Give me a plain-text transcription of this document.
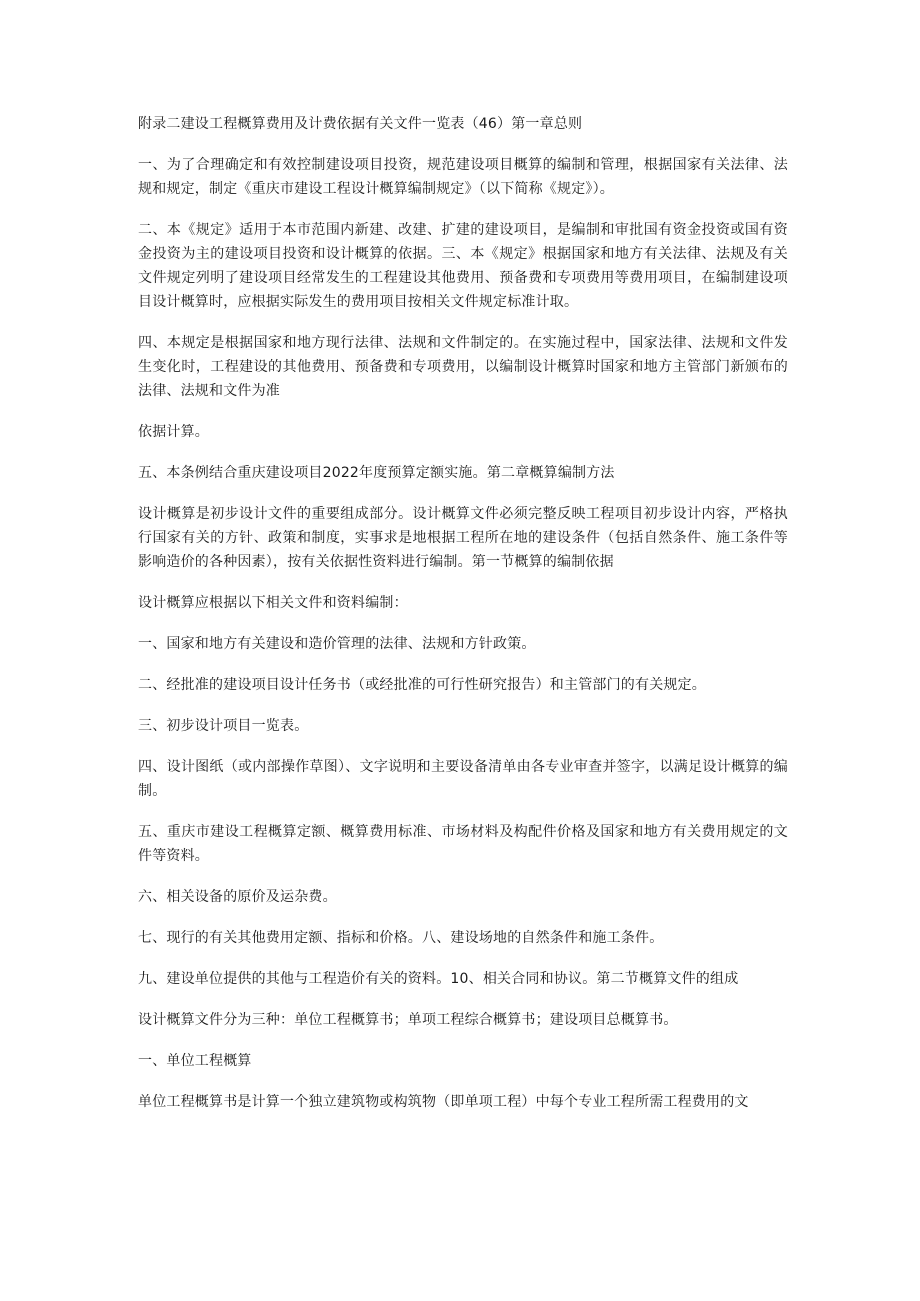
附录二建设工程概算费用及计费依据有关文件一览表（46）第一章总则

一、为了合理确定和有效控制建设项目投资，规范建设项目概算的编制和管理，根据国家有关法律、法规和规定，制定《重庆市建设工程设计概算编制规定》（以下简称《规定》）。

二、本《规定》适用于本市范围内新建、改建、扩建的建设项目，是编制和审批国有资金投资或国有资金投资为主的建设项目投资和设计概算的依据。三、本《规定》根据国家和地方有关法律、法规及有关文件规定列明了建设项目经常发生的工程建设其他费用、预备费和专项费用等费用项目，在编制建设项目设计概算时，应根据实际发生的费用项目按相关文件规定标准计取。

四、本规定是根据国家和地方现行法律、法规和文件制定的。在实施过程中，国家法律、法规和文件发生变化时，工程建设的其他费用、预备费和专项费用，以编制设计概算时国家和地方主管部门新颁布的法律、法规和文件为准

依据计算。

五、本条例结合重庆建设项目2022年度预算定额实施。第二章概算编制方法

设计概算是初步设计文件的重要组成部分。设计概算文件必须完整反映工程项目初步设计内容，严格执行国家有关的方针、政策和制度，实事求是地根据工程所在地的建设条件（包括自然条件、施工条件等影响造价的各种因素），按有关依据性资料进行编制。第一节概算的编制依据

设计概算应根据以下相关文件和资料编制：

一、国家和地方有关建设和造价管理的法律、法规和方针政策。

二、经批准的建设项目设计任务书（或经批准的可行性研究报告）和主管部门的有关规定。

三、初步设计项目一览表。

四、设计图纸（或内部操作草图）、文字说明和主要设备清单由各专业审查并签字，以满足设计概算的编制。

五、重庆市建设工程概算定额、概算费用标准、市场材料及构配件价格及国家和地方有关费用规定的文件等资料。

六、相关设备的原价及运杂费。

七、现行的有关其他费用定额、指标和价格。八、建设场地的自然条件和施工条件。

九、建设单位提供的其他与工程造价有关的资料。10、相关合同和协议。第二节概算文件的组成

设计概算文件分为三种：单位工程概算书；单项工程综合概算书；建设项目总概算书。

一、单位工程概算

单位工程概算书是计算一个独立建筑物或构筑物（即单项工程）中每个专业工程所需工程费用的文
